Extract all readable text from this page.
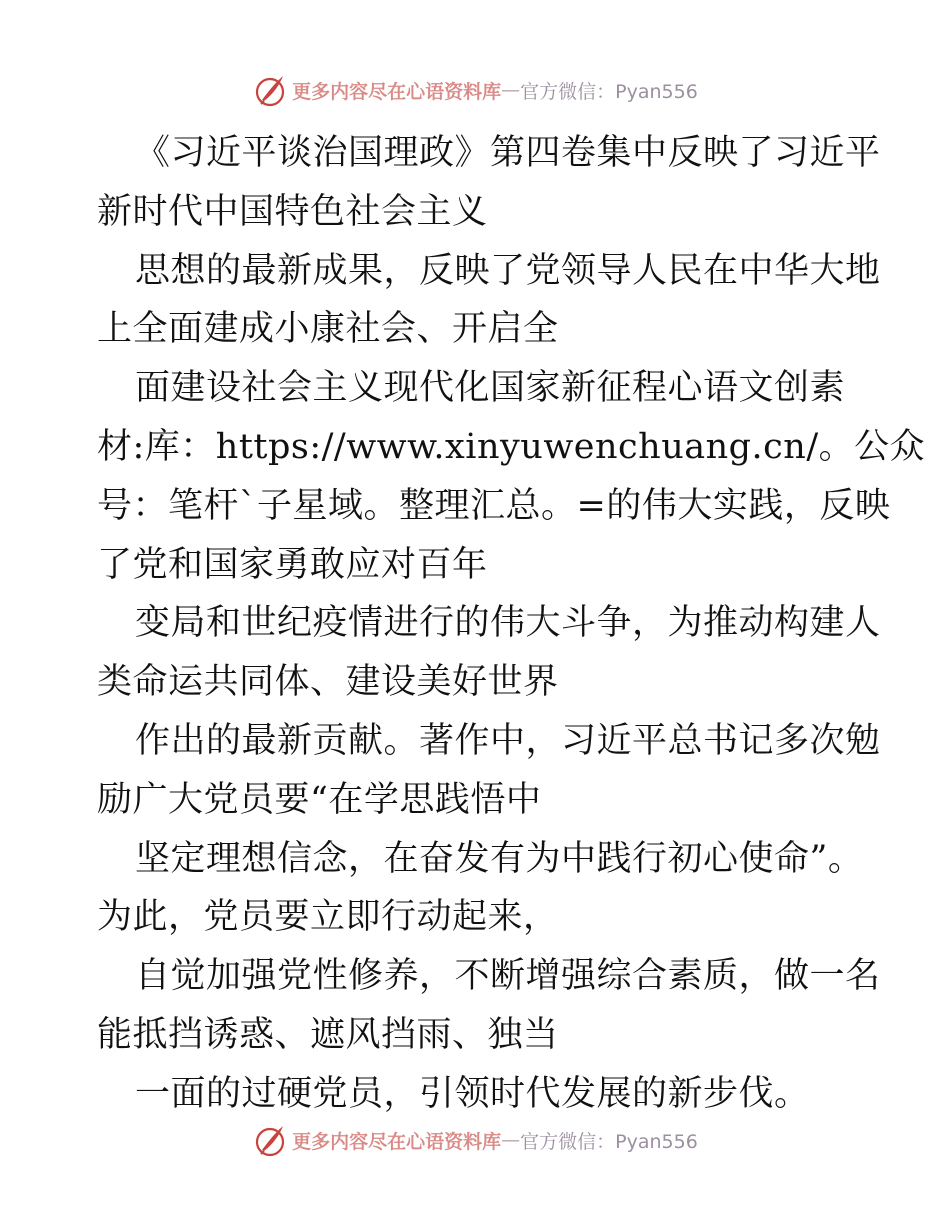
更多内容尽在心语资料库 — 官方微信：Pyan556
《习近平谈治国理政》第四卷集中反映了习近平
新时代中国特色社会主义
思想的最新成果，反映了党领导人民在中华大地
上全面建成小康社会、开启全
面建设社会主义现代化国家新征程心语文创素
材:库：https://www.xinyuwenchuang.cn/。公众
号：笔杆`子星域。整理汇总。=的伟大实践，反映
了党和国家勇敢应对百年
变局和世纪疫情进行的伟大斗争，为推动构建人
类命运共同体、建设美好世界
作出的最新贡献。著作中，习近平总书记多次勉
励广大党员要“在学思践悟中
坚定理想信念，在奋发有为中践行初心使命”。
为此，党员要立即行动起来，
自觉加强党性修养，不断增强综合素质，做一名
能抵挡诱惑、遮风挡雨、独当
一面的过硬党员，引领时代发展的新步伐。
更多内容尽在心语资料库 — 官方微信：Pyan556
